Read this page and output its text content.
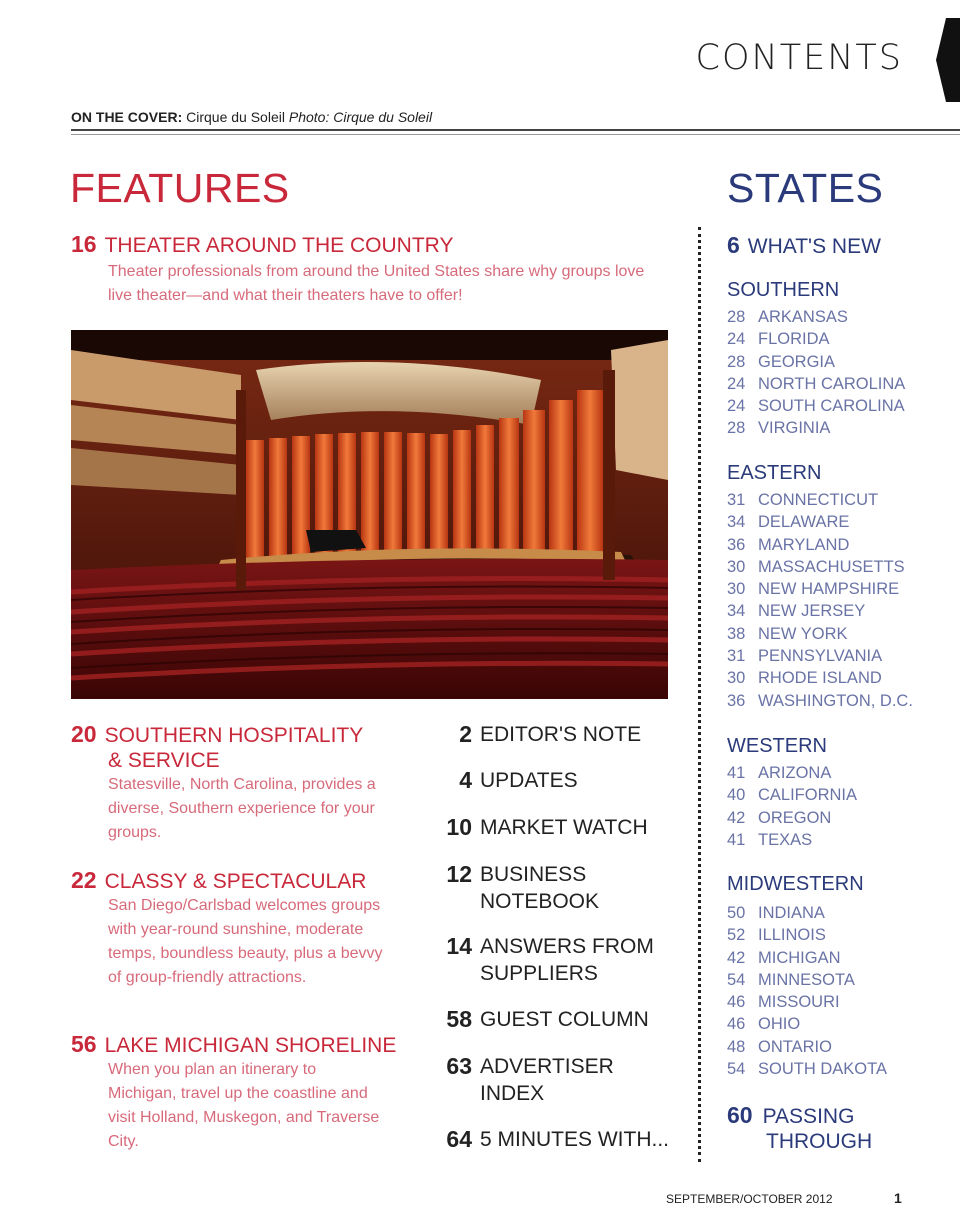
CONTENTS
ON THE COVER: Cirque du Soleil Photo: Cirque du Soleil
FEATURES
16 THEATER AROUND THE COUNTRY
Theater professionals from around the United States share why groups love live theater—and what their theaters have to offer!
20 SOUTHERN HOSPITALITY
& SERVICE
Statesville, North Carolina, provides a diverse, Southern experience for your groups.
22 CLASSY & SPECTACULAR
San Diego/Carlsbad welcomes groups with year-round sunshine, moderate temps, boundless beauty, plus a bevvy of group-friendly attractions.
56 LAKE MICHIGAN SHORELINE
When you plan an itinerary to Michigan, travel up the coastline and visit Holland, Muskegon, and Traverse City.
2 EDITOR'S NOTE
4 UPDATES
10 MARKET WATCH
12 BUSINESS
NOTEBOOK
14 ANSWERS FROM
SUPPLIERS
58 GUEST COLUMN
63 ADVERTISER
INDEX
64 5 MINUTES WITH...
STATES
6 WHAT'S NEW
SOUTHERN
28 ARKANSAS
24 FLORIDA
28 GEORGIA
24 NORTH CAROLINA
24 SOUTH CAROLINA
28 VIRGINIA
EASTERN
31 CONNECTICUT
34 DELAWARE
36 MARYLAND
30 MASSACHUSETTS
30 NEW HAMPSHIRE
34 NEW JERSEY
38 NEW YORK
31 PENNSYLVANIA
30 RHODE ISLAND
36 WASHINGTON, D.C.
WESTERN
41 ARIZONA
40 CALIFORNIA
42 OREGON
41 TEXAS
MIDWESTERN
50 INDIANA
52 ILLINOIS
42 MICHIGAN
54 MINNESOTA
46 MISSOURI
46 OHIO
48 ONTARIO
54 SOUTH DAKOTA
60 PASSING
THROUGH
SEPTEMBER/OCTOBER 2012	1
